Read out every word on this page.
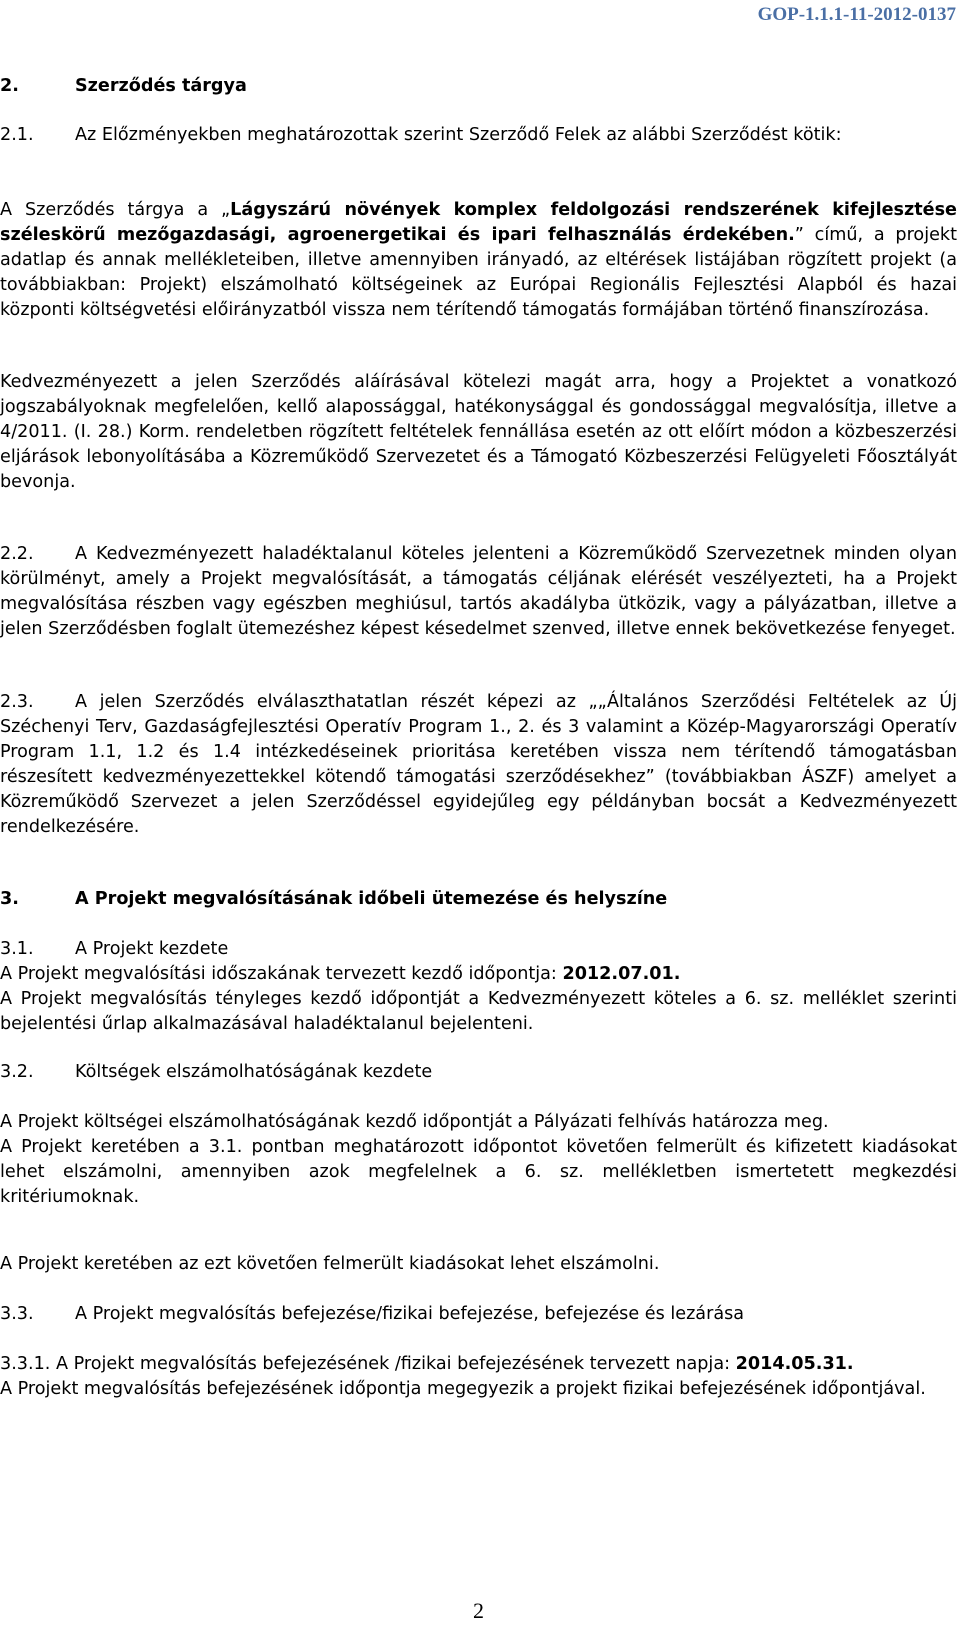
GOP-1.1.1-11-2012-0137
2.	Szerződés tárgya

2.1. Az Előzményekben meghatározottak szerint Szerződő Felek az alábbi Szerződést kötik:

A Szerződés tárgya a „Lágyszárú növények komplex feldolgozási rendszerének kifejlesztése széleskörű mezőgazdasági, agroenergetikai és ipari felhasználás érdekében.” című, a projekt adatlap és annak mellékleteiben, illetve amennyiben irányadó, az eltérések listájában rögzített projekt (a továbbiakban: Projekt) elszámolható költségeinek az Európai Regionális Fejlesztési Alapból és hazai központi költségvetési előirányzatból vissza nem térítendő támogatás formájában történő finanszírozása.

Kedvezményezett a jelen Szerződés aláírásával kötelezi magát arra, hogy a Projektet a vonatkozó jogszabályoknak megfelelően, kellő alapossággal, hatékonysággal és gondossággal megvalósítja, illetve a 4/2011. (I. 28.) Korm. rendeletben rögzített feltételek fennállása esetén az ott előírt módon a közbeszerzési eljárások lebonyolításába a Közreműködő Szervezetet és a Támogató Közbeszerzési Felügyeleti Főosztályát bevonja.

2.2. A Kedvezményezett haladéktalanul köteles jelenteni a Közreműködő Szervezetnek minden olyan körülményt, amely a Projekt megvalósítását, a támogatás céljának elérését veszélyezteti, ha a Projekt megvalósítása részben vagy egészben meghiúsul, tartós akadályba ütközik, vagy a pályázatban, illetve a jelen Szerződésben foglalt ütemezéshez képest késedelmet szenved, illetve ennek bekövetkezése fenyeget.

2.3. A jelen Szerződés elválaszthatatlan részét képezi az „„Általános Szerződési Feltételek az Új Széchenyi Terv, Gazdaságfejlesztési Operatív Program 1., 2. és 3 valamint a Közép-Magyarországi Operatív Program 1.1, 1.2 és 1.4 intézkedéseinek prioritása keretében vissza nem térítendő támogatásban részesített kedvezményezettekkel kötendő támogatási szerződésekhez” (továbbiakban ÁSZF) amelyet a Közreműködő Szervezet a jelen Szerződéssel egyidejűleg egy példányban bocsát a Kedvezményezett rendelkezésére.

3.	A Projekt megvalósításának időbeli ütemezése és helyszíne

3.1. A Projekt kezdete

A Projekt megvalósítási időszakának tervezett kezdő időpontja: 2012.07.01.

A Projekt megvalósítás tényleges kezdő időpontját a Kedvezményezett köteles a 6. sz. melléklet szerinti bejelentési űrlap alkalmazásával haladéktalanul bejelenteni.

3.2. Költségek elszámolhatóságának kezdete

A Projekt költségei elszámolhatóságának kezdő időpontját a Pályázati felhívás határozza meg.

A Projekt keretében a 3.1. pontban meghatározott időpontot követően felmerült és kifizetett kiadásokat lehet elszámolni, amennyiben azok megfelelnek a 6. sz. mellékletben ismertetett megkezdési kritériumoknak.

A Projekt keretében az ezt követően felmerült kiadásokat lehet elszámolni.

3.3. A Projekt megvalósítás befejezése/fizikai befejezése, befejezése és lezárása

3.3.1. A Projekt megvalósítás befejezésének /fizikai befejezésének tervezett napja: 2014.05.31.

A Projekt megvalósítás befejezésének időpontja megegyezik a projekt fizikai befejezésének időpontjával.

2
